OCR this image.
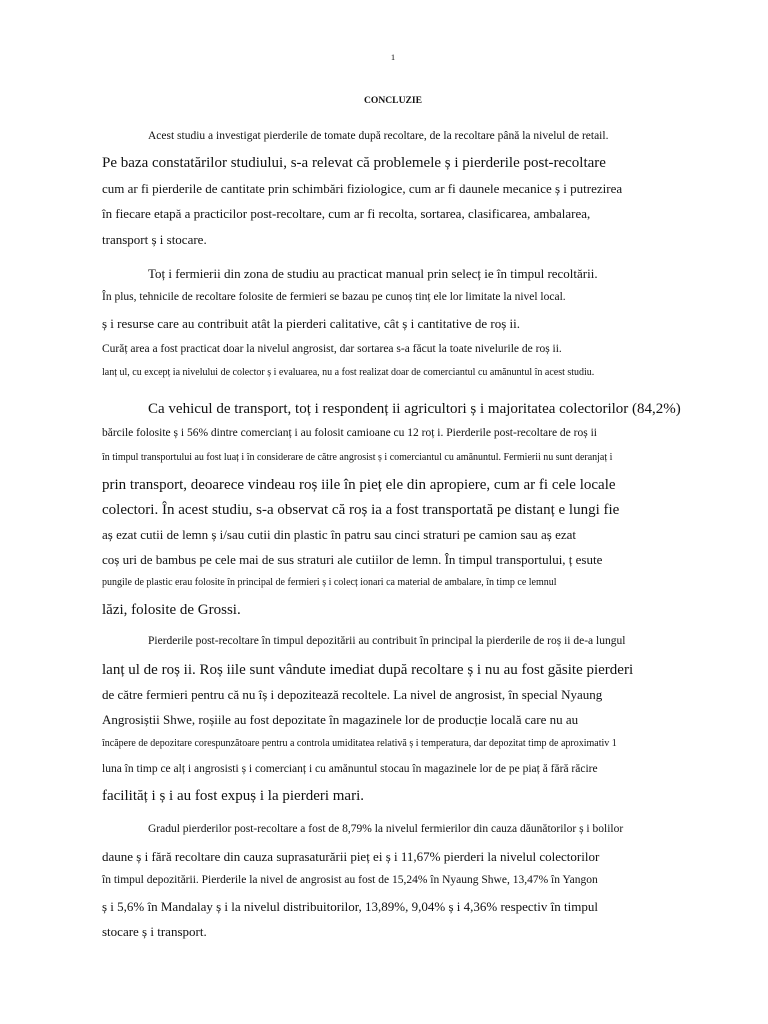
1
CONCLUZIE
Acest studiu a investigat pierderile de tomate după recoltare, de la recoltare până la nivelul de retail.
Pe baza constatărilor studiului, s-a relevat că problemele ș i pierderile post-recoltare
cum ar fi pierderile de cantitate prin schimbări fiziologice, cum ar fi daunele mecanice ș i putrezirea
în fiecare etapă a practicilor post-recoltare, cum ar fi recolta, sortarea, clasificarea, ambalarea,
transport ș i stocare.
Toț i fermierii din zona de studiu au practicat manual prin selecț ie în timpul recoltării.
În plus, tehnicile de recoltare folosite de fermieri se bazau pe cunoș tinț ele lor limitate la nivel local.
ș i resurse care au contribuit atât la pierderi calitative, cât ș i cantitative de roș ii.
Curăț area a fost practicat doar la nivelul angrosist, dar sortarea s-a făcut la toate nivelurile de roș ii.
lanț ul, cu excepț ia nivelului de colector ș i evaluarea, nu a fost realizat doar de comerciantul cu amănuntul în acest studiu.
Ca vehicul de transport, toț i respondenț ii agricultori ș i majoritatea colectorilor (84,2%)
bărcile folosite ș i 56% dintre comercianț i au folosit camioane cu 12 roț i. Pierderile post-recoltare de roș ii
în timpul transportului au fost luaț i în considerare de către angrosist ș i comerciantul cu amănuntul. Fermierii nu sunt deranjaț i
prin transport, deoarece vindeau roș iile în pieț ele din apropiere, cum ar fi cele locale
colectori. În acest studiu, s-a observat că roș ia a fost transportată pe distanț e lungi fie
aș ezat cutii de lemn ș i/sau cutii din plastic în patru sau cinci straturi pe camion sau aș ezat
coș uri de bambus pe cele mai de sus straturi ale cutiilor de lemn. În timpul transportului, ț esute
pungile de plastic erau folosite în principal de fermieri ș i colecț ionari ca material de ambalare, în timp ce lemnul
lăzi, folosite de Grossi.
Pierderile post-recoltare în timpul depozitării au contribuit în principal la pierderile de roș ii de-a lungul
lanț ul de roș ii. Roș iile sunt vândute imediat după recoltare ș i nu au fost găsite pierderi
de către fermieri pentru că nu îș i depozitează recoltele. La nivel de angrosist, în special Nyaung
Angrosiștii Shwe, roșiile au fost depozitate în magazinele lor de producție locală care nu au
încăpere de depozitare corespunzătoare pentru a controla umiditatea relativă ș i temperatura, dar depozitat timp de aproximativ 1
luna în timp ce alț i angrosisti ș i comercianț i cu amănuntul stocau în magazinele lor de pe piaț ă fără răcire
facilităț i ș i au fost expuș i la pierderi mari.
Gradul pierderilor post-recoltare a fost de 8,79% la nivelul fermierilor din cauza dăunătorilor ș i bolilor
daune ș i fără recoltare din cauza suprasaturării pieț ei ș i 11,67% pierderi la nivelul colectorilor
în timpul depozitării. Pierderile la nivel de angrosist au fost de 15,24% în Nyaung Shwe, 13,47% în Yangon
ș i 5,6% în Mandalay ș i la nivelul distribuitorilor, 13,89%, 9,04% ș i 4,36% respectiv în timpul
stocare ș i transport.
